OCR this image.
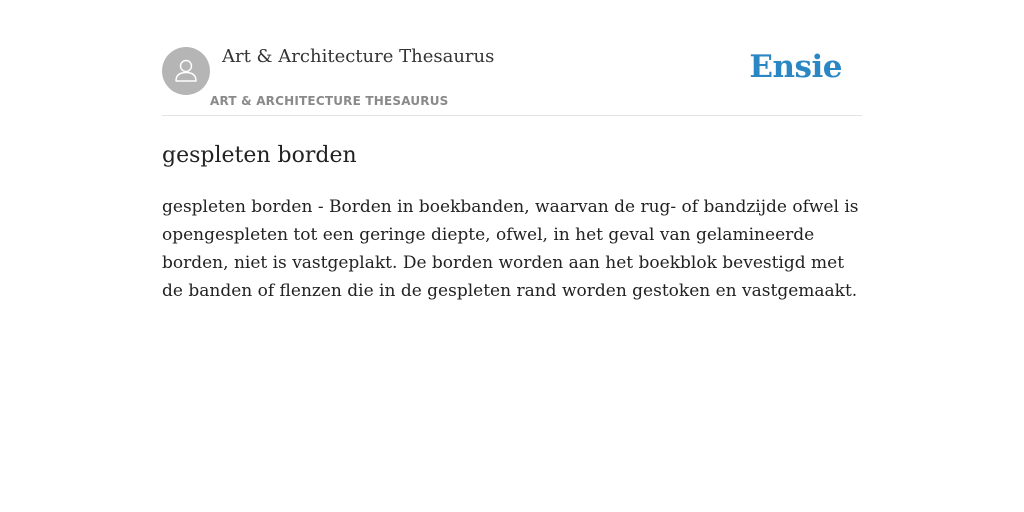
Art & Architecture Thesaurus
ART & ARCHITECTURE THESAURUS
Ensie
gespleten borden

gespleten borden - Borden in boekbanden, waarvan de rug- of bandzijde ofwel is opengespleten tot een geringe diepte, ofwel, in het geval van gelamineerde borden, niet is vastgeplakt. De borden worden aan het boekblok bevestigd met de banden of flenzen die in de gespleten rand worden gestoken en vastgemaakt.
